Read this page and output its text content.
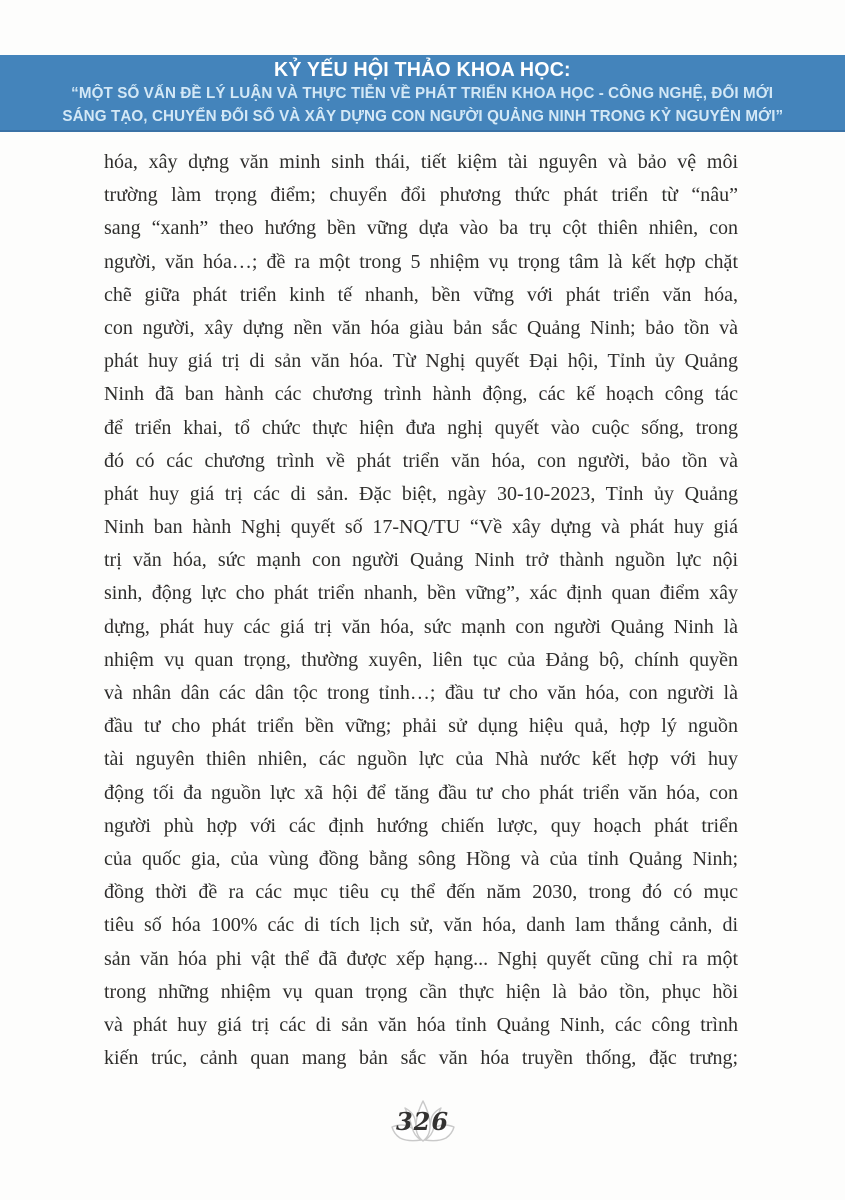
KỶ YẾU HỘI THẢO KHOA HỌC:
“MỘT SỐ VẤN ĐỀ LÝ LUẬN VÀ THỰC TIỄN VỀ PHÁT TRIỂN KHOA HỌC - CÔNG NGHỆ, ĐỔI MỚI
SÁNG TẠO, CHUYỂN ĐỔI SỐ VÀ XÂY DỰNG CON NGƯỜI QUẢNG NINH TRONG KỶ NGUYÊN MỚI”
hóa, xây dựng văn minh sinh thái, tiết kiệm tài nguyên và bảo vệ môi
trường làm trọng điểm; chuyển đổi phương thức phát triển từ “nâu”
sang “xanh” theo hướng bền vững dựa vào ba trụ cột thiên nhiên, con
người, văn hóa…; đề ra một trong 5 nhiệm vụ trọng tâm là kết hợp chặt
chẽ giữa phát triển kinh tế nhanh, bền vững với phát triển văn hóa,
con người, xây dựng nền văn hóa giàu bản sắc Quảng Ninh; bảo tồn và
phát huy giá trị di sản văn hóa. Từ Nghị quyết Đại hội, Tỉnh ủy Quảng
Ninh đã ban hành các chương trình hành động, các kế hoạch công tác
để triển khai, tổ chức thực hiện đưa nghị quyết vào cuộc sống, trong
đó có các chương trình về phát triển văn hóa, con người, bảo tồn và
phát huy giá trị các di sản. Đặc biệt, ngày 30-10-2023, Tỉnh ủy Quảng
Ninh ban hành Nghị quyết số 17-NQ/TU “Về xây dựng và phát huy giá
trị văn hóa, sức mạnh con người Quảng Ninh trở thành nguồn lực nội
sinh, động lực cho phát triển nhanh, bền vững”, xác định quan điểm xây
dựng, phát huy các giá trị văn hóa, sức mạnh con người Quảng Ninh là
nhiệm vụ quan trọng, thường xuyên, liên tục của Đảng bộ, chính quyền
và nhân dân các dân tộc trong tỉnh…; đầu tư cho văn hóa, con người là
đầu tư cho phát triển bền vững; phải sử dụng hiệu quả, hợp lý nguồn
tài nguyên thiên nhiên, các nguồn lực của Nhà nước kết hợp với huy
động tối đa nguồn lực xã hội để tăng đầu tư cho phát triển văn hóa, con
người phù hợp với các định hướng chiến lược, quy hoạch phát triển
của quốc gia, của vùng đồng bằng sông Hồng và của tỉnh Quảng Ninh;
đồng thời đề ra các mục tiêu cụ thể đến năm 2030, trong đó có mục
tiêu số hóa 100% các di tích lịch sử, văn hóa, danh lam thắng cảnh, di
sản văn hóa phi vật thể đã được xếp hạng... Nghị quyết cũng chỉ ra một
trong những nhiệm vụ quan trọng cần thực hiện là bảo tồn, phục hồi
và phát huy giá trị các di sản văn hóa tỉnh Quảng Ninh, các công trình
kiến trúc, cảnh quan mang bản sắc văn hóa truyền thống, đặc trưng;
326
